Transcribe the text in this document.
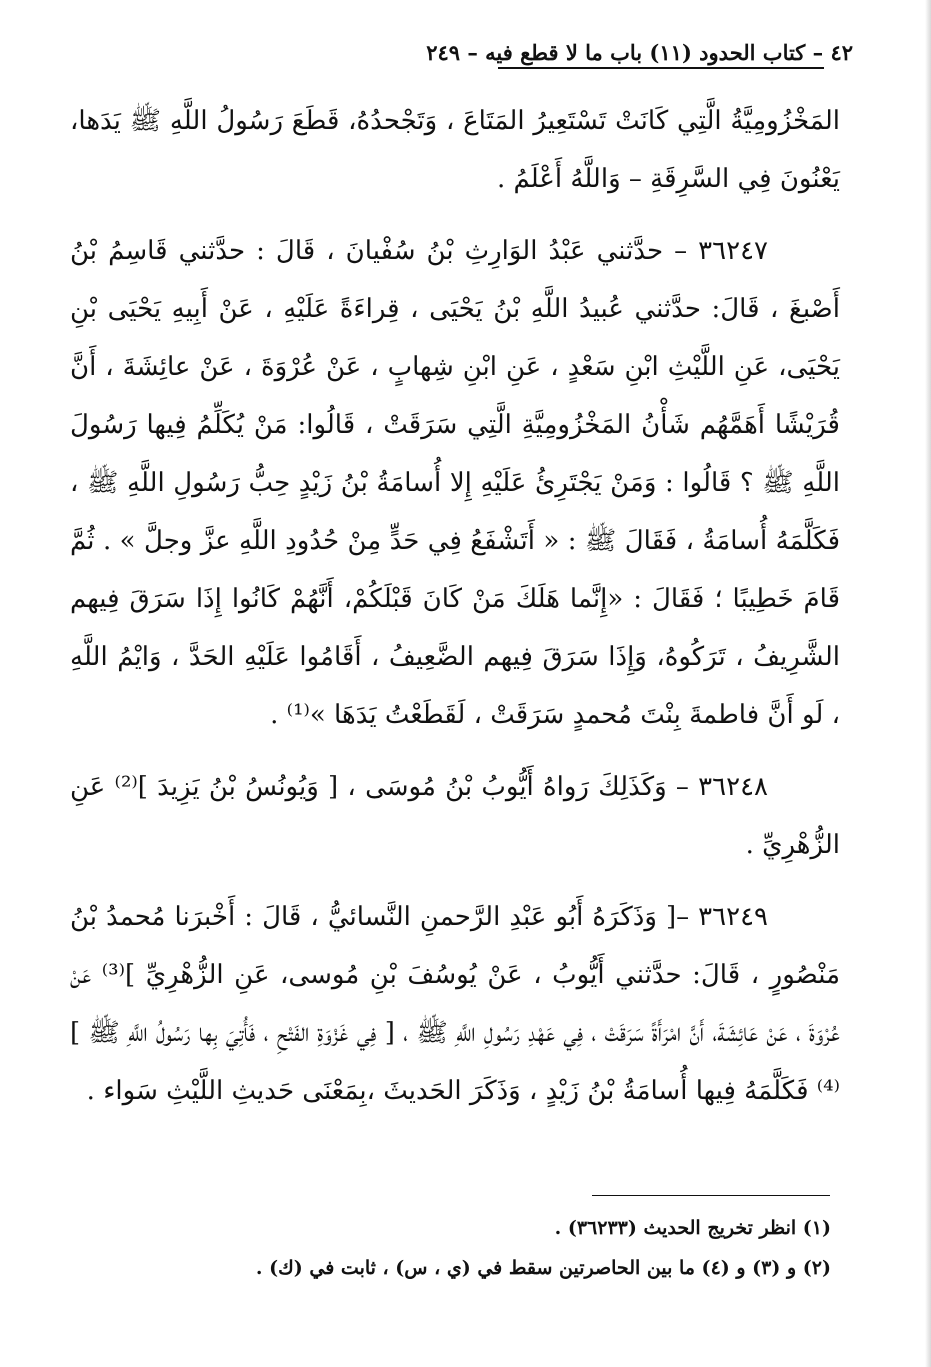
٤٢ – كتاب الحدود (١١) باب ما لا قطع فيه – ٢٤٩

المَخْزُومِيَّةُ الَّتِي كَانَتْ تَسْتَعِيرُ المَتَاعَ ، وَتَجْحدُهُ، قَطَعَ رَسُولُ اللَّهِ ﷺ يَدَها، يَعْنُونَ فِي السَّرِقَةِ – وَاللَّهُ أَعْلَمُ .

٣٦٢٤٧ – حدَّثني عَبْدُ الوَارِثِ بْنُ سُفْيانَ ، قَالَ : حدَّثني قَاسِمُ بْنُ أَصْبغَ ، قَالَ: حدَّثني عُبيدُ اللَّهِ بْنُ يَحْيَى ، قِراءَةً عَلَيْهِ ، عَنْ أَبِيهِ يَحْيَى بْنِ يَحْيَى، عَنِ اللَّيْثِ ابْنِ سَعْدٍ ، عَنِ ابْنِ شِهابٍ ، عَنْ عُرْوَةَ ، عَنْ عائِشَةَ ، أَنَّ قُرَيْشًا أَهَمَّهُم شَأْنُ المَخْزُومِيَّةِ الَّتِي سَرَقَتْ ، قَالُوا: مَنْ يُكَلِّمُ فِيها رَسُولَ اللَّهِ ﷺ ؟ قَالُوا : وَمَنْ يَجْتَرِئُ عَلَيْهِ إِلا أُسامَةُ بْنُ زَيْدٍ حِبُّ رَسُولِ اللَّهِ ﷺ ، فَكَلَّمَهُ أُسامَةُ ، فَقَالَ ﷺ : « أَتَشْفَعُ فِي حَدٍّ مِنْ حُدُودِ اللَّهِ عزَّ وجلَّ » . ثُمَّ قَامَ خَطِيبًا ؛ فَقَالَ : «إِنَّما هَلَكَ مَنْ كَانَ قَبْلَكُمْ، أَنَّهُمْ كَانُوا إِذَا سَرَقَ فِيهم الشَّرِيفُ ، تَرَكُوهُ، وَإِذَا سَرَقَ فِيهم الضَّعِيفُ ، أَقَامُوا عَلَيْهِ الحَدَّ ، وَايْمُ اللَّهِ ، لَو أَنَّ فاطمةَ بِنْتَ مُحمدٍ سَرَقَتْ ، لَقَطَعْتُ يَدَهَا »⁽¹⁾ .

٣٦٢٤٨ – وَكَذَلِكَ رَواهُ أَيُّوبُ بْنُ مُوسَى ، [ وَيُونُسُ بْنُ يَزِيدَ ]⁽²⁾ عَنِ الزُّهْرِيِّ .

٣٦٢٤٩ –[ وَذَكَرَهُ أَبُو عَبْدِ الرَّحمنِ النَّسائيُّ ، قَالَ : أَخْبرَنا مُحمدُ بْنُ مَنْصُورٍ ، قَالَ: حدَّثني أَيُّوبُ ، عَنْ يُوسُفَ بْنِ مُوسى، عَنِ الزُّهْرِيِّ ]⁽³⁾ عَنْ عُرْوَةَ ، عَنْ عَائِشَةَ، أَنَّ امْرَأَةً سَرَقَتْ ، فِي عَهْدِ رَسُولِ اللَّهِ ﷺ ، [ فِي غَزْوَةِ الفَتْحِ ، فَأُتِيَ بِها رَسُولُ اللَّهِ ﷺ ]⁽⁴⁾ فَكَلَّمَهُ فِيها أُسامَةُ بْنُ زَيْدٍ ، وَذَكَرَ الحَديثَ ،بِمَعْنَى حَديثِ اللَّيْثِ سَواء .

(١) انظر تخريج الحديث (٣٦٢٣٣) .
(٢) و (٣) و (٤) ما بين الحاصرتين سقط في (ي ، س) ، ثابت في (ك) .
